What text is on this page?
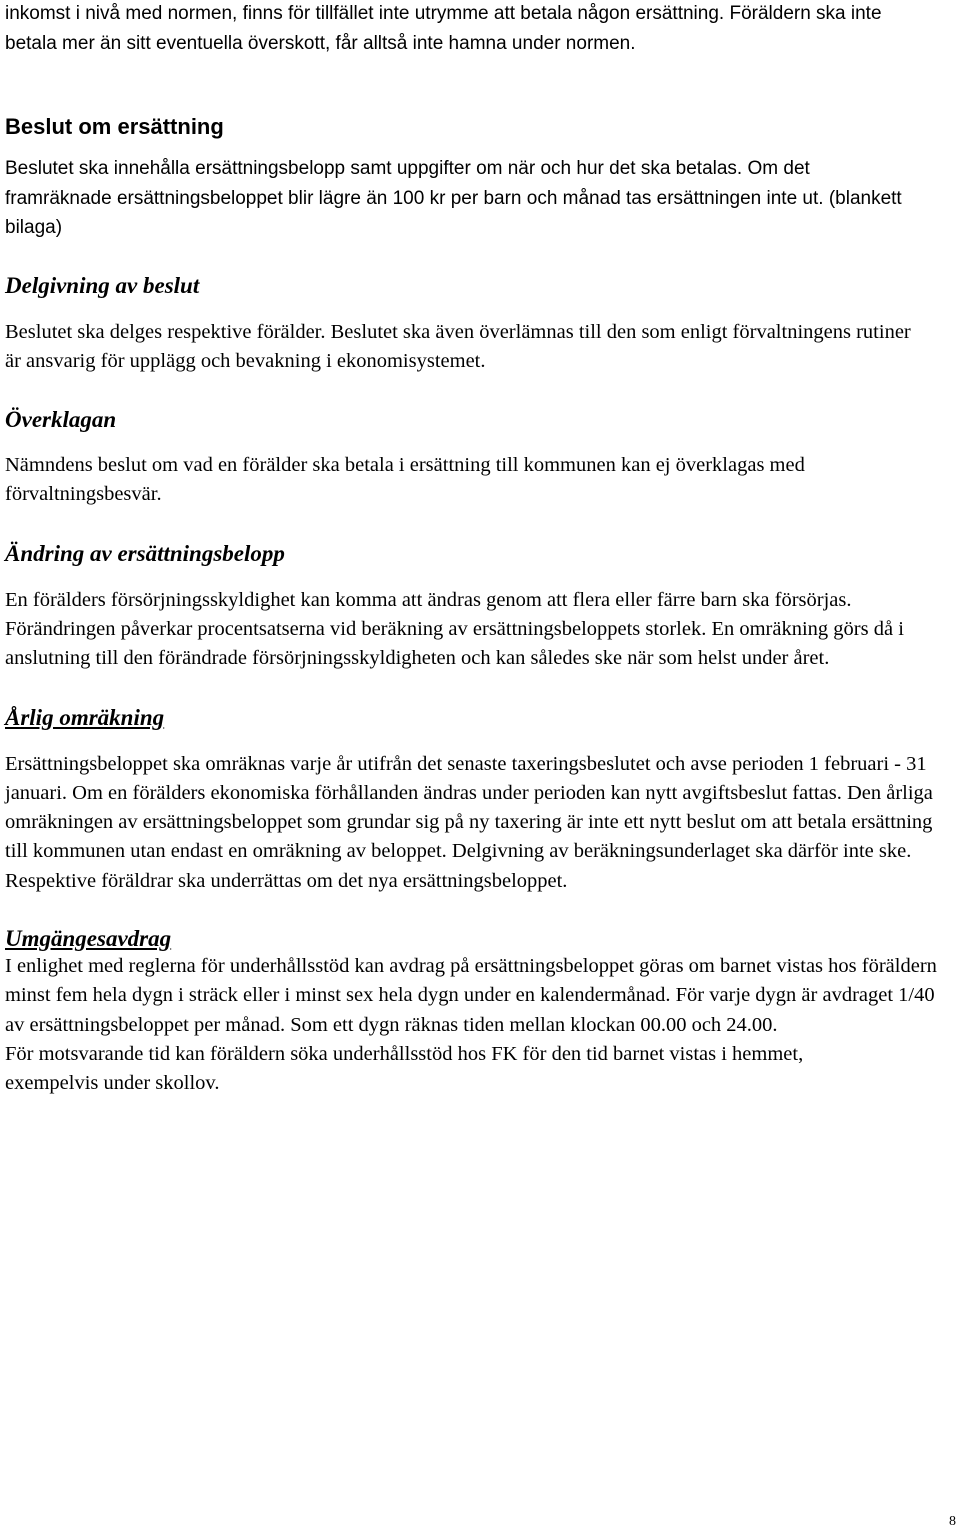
inkomst i nivå med normen, finns för tillfället inte utrymme att betala någon ersättning. Föräldern ska inte betala mer än sitt eventuella överskott, får alltså inte hamna under normen.

Beslut om ersättning

Beslutet ska innehålla ersättningsbelopp samt uppgifter om när och hur det ska betalas. Om det framräknade ersättningsbeloppet blir lägre än 100 kr per barn och månad tas ersättningen inte ut. (blankett bilaga)

Delgivning av beslut

Beslutet ska delges respektive förälder. Beslutet ska även överlämnas till den som enligt förvaltningens rutiner är ansvarig för upplägg och bevakning i ekonomisystemet.

Överklagan

Nämndens beslut om vad en förälder ska betala i ersättning till kommunen kan ej överklagas med förvaltningsbesvär.

Ändring av ersättningsbelopp

En förälders försörjningsskyldighet kan komma att ändras genom att flera eller färre barn ska försörjas. Förändringen påverkar procentsatserna vid beräkning av ersättningsbeloppets storlek. En omräkning görs då i anslutning till den förändrade försörjningsskyldigheten och kan således ske när som helst under året.

Årlig omräkning

Ersättningsbeloppet ska omräknas varje år utifrån det senaste taxeringsbeslutet och avse perioden 1 februari - 31 januari. Om en förälders ekonomiska förhållanden ändras under perioden kan nytt avgiftsbeslut fattas. Den årliga omräkningen av ersättningsbeloppet som grundar sig på ny taxering är inte ett nytt beslut om att betala ersättning till kommunen utan endast en omräkning av beloppet. Delgivning av beräkningsunderlaget ska därför inte ske. Respektive föräldrar ska underrättas om det nya ersättningsbeloppet.

Umgängesavdrag

I enlighet med reglerna för underhållsstöd kan avdrag på ersättningsbeloppet göras om barnet vistas hos föräldern minst fem hela dygn i sträck eller i minst sex hela dygn under en kalendermånad. För varje dygn är avdraget 1/40 av ersättningsbeloppet per månad. Som ett dygn räknas tiden mellan klockan 00.00 och 24.00.

För motsvarande tid kan föräldern söka underhållsstöd hos FK för den tid barnet vistas i hemmet, exempelvis under skollov.

8
